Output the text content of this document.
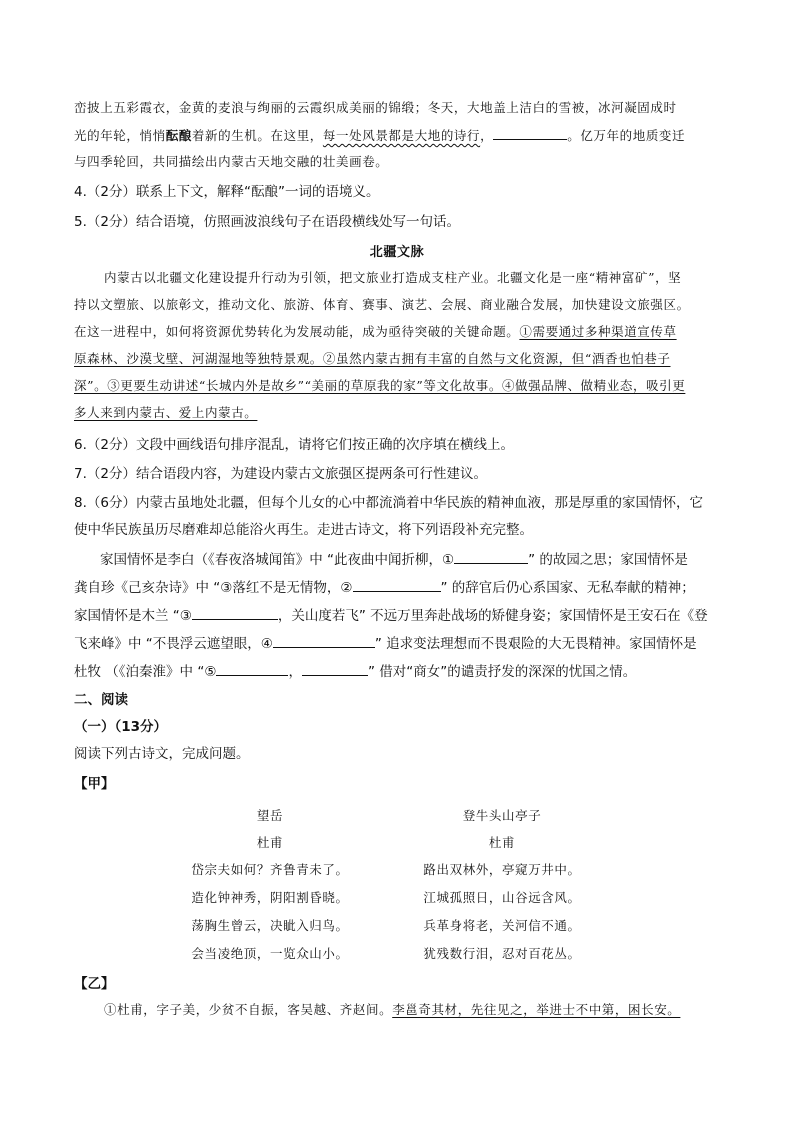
峦披上五彩霞衣，金黄的麦浪与绚丽的云霞织成美丽的锦缎；冬天，大地盖上洁白的雪被，冰河凝固成时
光的年轮，悄悄酝酿着新的生机。在这里，每一处风景都是大地的诗行，	。亿万年的地质变迁
与四季轮回，共同描绘出内蒙古天地交融的壮美画卷。
4.（2分）联系上下文，解释“酝酿”一词的语境义。
5.（2分）结合语境，仿照画波浪线句子在语段横线处写一句话。
北疆文脉
内蒙古以北疆文化建设提升行动为引领，把文旅业打造成支柱产业。北疆文化是一座“精神富矿”，坚
持以文塑旅、以旅彰文，推动文化、旅游、体育、赛事、演艺、会展、商业融合发展，加快建设文旅强区。
在这一进程中，如何将资源优势转化为发展动能，成为亟待突破的关键命题。①需要通过多种渠道宣传草
原森林、沙漠戈壁、河湖湿地等独特景观。②虽然内蒙古拥有丰富的自然与文化资源，但“酒香也怕巷子
深”。③更要生动讲述“长城内外是故乡”“美丽的草原我的家”等文化故事。④做强品牌、做精业态，吸引更
多人来到内蒙古、爱上内蒙古。
6.（2分）文段中画线语句排序混乱，请将它们按正确的次序填在横线上。
7.（2分）结合语段内容，为建设内蒙古文旅强区提两条可行性建议。
8.（6分）内蒙古虽地处北疆，但每个儿女的心中都流淌着中华民族的精神血液，那是厚重的家国情怀，它
使中华民族虽历尽磨难却总能浴火再生。走进古诗文，将下列语段补充完整。
家国情怀是李白（《春夜洛城闻笛》中 “此夜曲中闻折柳，①	” 的故园之思；家国情怀是
龚自珍《己亥杂诗》中 “③落红不是无情物，②	” 的辞官后仍心系国家、无私奉献的精神；
家国情怀是木兰 “③	，关山度若飞” 不远万里奔赴战场的矫健身姿；家国情怀是王安石在《登
飞来峰》中 “不畏浮云遮望眼，④	” 追求变法理想而不畏艰险的大无畏精神。家国情怀是
杜牧 （《泊秦淮》中 “⑤	，	” 借对“商女”的谴责抒发的深深的忧国之情。
二、阅读
（一）（13分）
阅读下列古诗文，完成问题。
【甲】
望岳
杜甫
岱宗夫如何？齐鲁青未了。
造化钟神秀，阴阳割昏晓。
荡胸生曾云，决眦入归鸟。
会当凌绝顶，一览众山小。
登牛头山亭子
杜甫
路出双林外，亭窥万井中。
江城孤照日，山谷远含风。
兵革身将老，关河信不通。
犹残数行泪，忍对百花丛。
【乙】
①杜甫，字子美，少贫不自振，客吴越、齐赵间。李邕奇其材，先往见之，举进士不中第，困长安。
